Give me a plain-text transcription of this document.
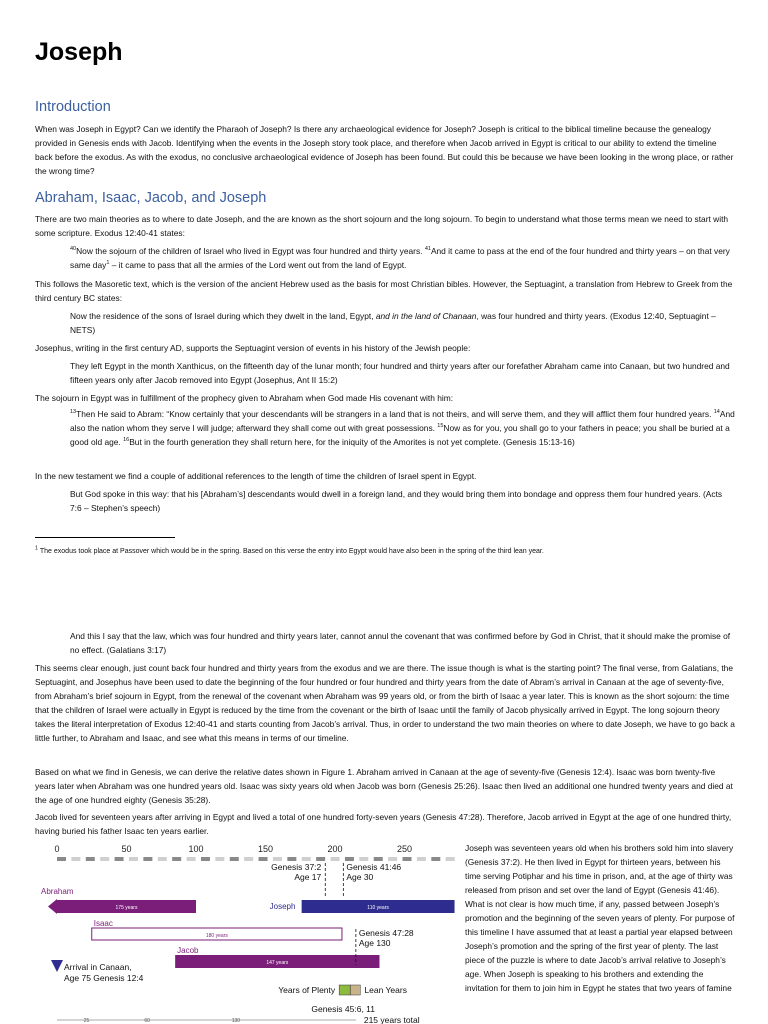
Joseph
Introduction

When was Joseph in Egypt? Can we identify the Pharaoh of Joseph? Is there any archaeological evidence for Joseph? Joseph is critical to the biblical timeline because the genealogy provided in Genesis ends with Jacob. Identifying when the events in the Joseph story took place, and therefore when Jacob arrived in Egypt is critical to our ability to extend the timeline back before the exodus. As with the exodus, no conclusive archaeological evidence of Joseph has been found. But could this be because we have been looking in the wrong place, or rather the wrong time?

Abraham, Isaac, Jacob, and Joseph

There are two main theories as to where to date Joseph, and the are known as the short sojourn and the long sojourn. To begin to understand what those terms mean we need to start with some scripture. Exodus 12:40-41 states:

$^{40}$Now the sojourn of the children of Israel who lived in Egypt was four hundred and thirty years. $^{41}$And it came to pass at the end of the four hundred and thirty years – on that very same day$^1$ – it came to pass that all the armies of the Lord went out from the land of Egypt.

This follows the Masoretic text, which is the version of the ancient Hebrew used as the basis for most Christian bibles. However, the Septuagint, a translation from Hebrew to Greek from the third century BC states:

Now the residence of the sons of Israel during which they dwelt in the land, Egypt, and in the land of Chanaan, was four hundred and thirty years. (Exodus 12:40, Septuagint – NETS)

Josephus, writing in the first century AD, supports the Septuagint version of events in his history of the Jewish people:

They left Egypt in the month Xanthicus, on the fifteenth day of the lunar month; four hundred and thirty years after our forefather Abraham came into Canaan, but two hundred and fifteen years only after Jacob removed into Egypt (Josephus, Ant II 15:2)

The sojourn in Egypt was in fulfillment of the prophecy given to Abraham when God made His covenant with him:

$^{13}$Then He said to Abram: “Know certainly that your descendants will be strangers in a land that is not theirs, and will serve them, and they will afflict them four hundred years. $^{14}$And also the nation whom they serve I will judge; afterward they shall come out with great possessions. $^{15}$Now as for you, you shall go to your fathers in peace; you shall be buried at a good old age. $^{16}$But in the fourth generation they shall return here, for the iniquity of the Amorites is not yet complete. (Genesis 15:13-16)

In the new testament we find a couple of additional references to the length of time the children of Israel spent in Egypt.

But God spoke in this way: that his [Abraham’s] descendants would dwell in a foreign land, and they would bring them into bondage and oppress them four hundred years. (Acts 7:6 – Stephen’s speech)

$^1$ The exodus took place at Passover which would be in the spring. Based on this verse the entry into Egypt would have also been in the spring of the third lean year.

And this I say that the law, which was four hundred and thirty years later, cannot annul the covenant that was confirmed before by God in Christ, that it should make the promise of no effect. (Galatians 3:17)

This seems clear enough, just count back four hundred and thirty years from the exodus and we are there. The issue though is what is the starting point? The final verse, from Galatians, the Septuagint, and Josephus have been used to date the beginning of the four hundred or four hundred and thirty years from the date of Abram’s arrival in Canaan at the age of seventy-five, from Abraham’s brief sojourn in Egypt, from the renewal of the covenant when Abraham was 99 years old, or from the birth of Isaac a year later. This is known as the short sojourn: the time that the children of Israel were actually in Egypt is reduced by the time from the covenant or the birth of Isaac until the family of Jacob physically arrived in Egypt. The long sojourn theory takes the literal interpretation of Exodus 12:40-41 and starts counting from Jacob’s arrival. Thus, in order to understand the two main theories on where to date Joseph, we have to go back a little further, to Abraham and Isaac, and see what this means in terms of our timeline.

Based on what we find in Genesis, we can derive the relative dates shown in Figure 1. Abraham arrived in Canaan at the age of seventy-five (Genesis 12:4). Isaac was born twenty-five years later when Abraham was one hundred years old. Isaac was sixty years old when Jacob was born (Genesis 25:26). Isaac then lived an additional one hundred twenty years and died at the age of one hundred eighty (Genesis 35:28).

Jacob lived for seventeen years after arriving in Egypt and lived a total of one hundred forty-seven years (Genesis 47:28). Therefore, Jacob arrived in Egypt at the age of one hundred thirty, having buried his father Isaac ten years earlier.

Joseph was seventeen years old when his brothers sold him into slavery (Genesis 37:2). He then lived in Egypt for thirteen years, between his time serving Potiphar and his time in prison, and, at the age of thirty was released from prison and set over the land of Egypt (Genesis 41:46). What is not clear is how much time, if any, passed between Joseph’s promotion and the beginning of the seven years of plenty. For purpose of this timeline I have assumed that at least a partial year elapsed between Joseph’s promotion and the spring of the first year of plenty. The last piece of the puzzle is where to date Jacob’s arrival relative to Joseph’s age. When Joseph is speaking to his brothers and extending the invitation for them to join him in Egypt he states that two years of famine

0	50	100	150	200	250
175 years
Abraham
180 years
Isaac
147 years
Jacob
110 years
Joseph
Genesis 37:2
Age 17
Genesis 41:46
Age 30
Genesis 47:28
Age 130
Arrival in Canaan,
Age 75 Genesis 12:4
Years of Plenty	Lean Years
Genesis 45:6, 11
25	60	130	215 years total
